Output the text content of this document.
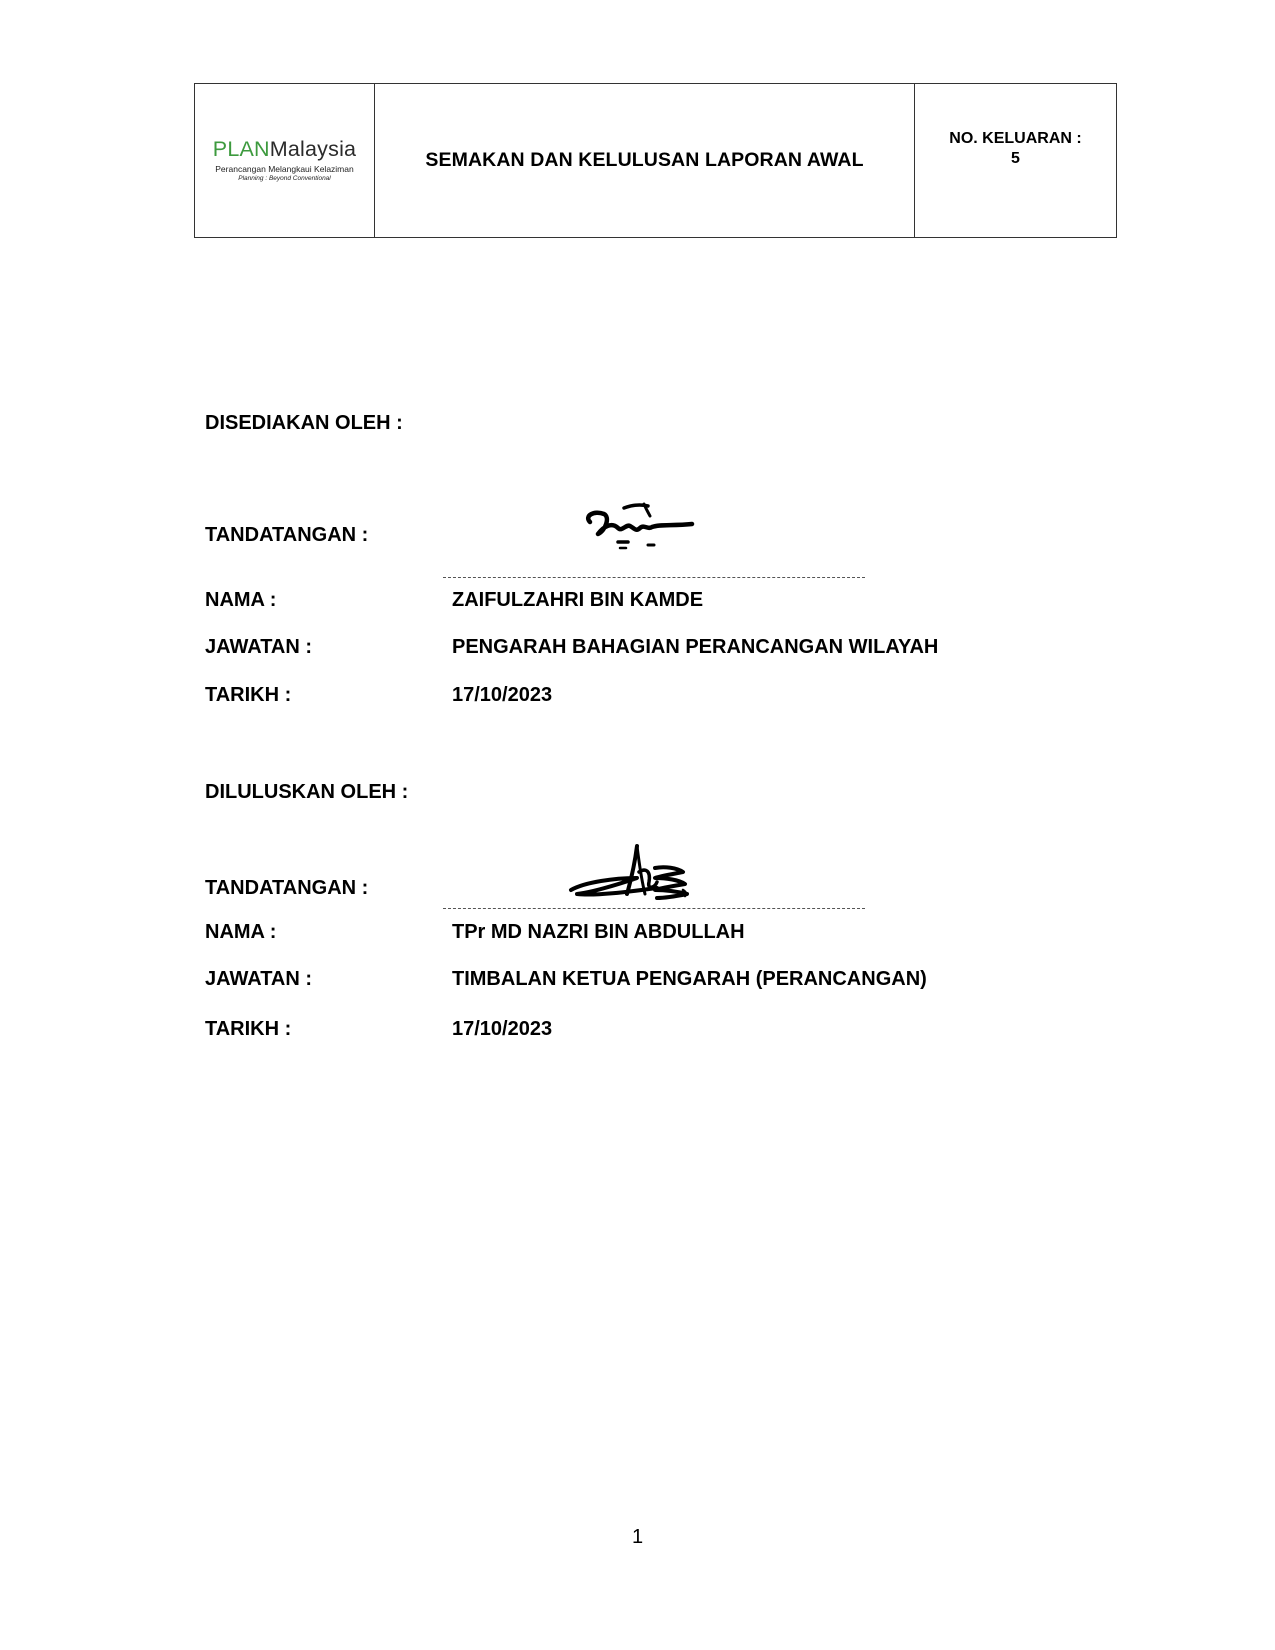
PLANMalaysia
Perancangan Melangkaui Kelaziman
Planning : Beyond Conventional
SEMAKAN DAN KELULUSAN LAPORAN AWAL
NO. KELUARAN :
5
DISEDIAKAN OLEH :
TANDATANGAN :
NAMA :	ZAIFULZAHRI BIN KAMDE
JAWATAN :	PENGARAH BAHAGIAN PERANCANGAN WILAYAH
TARIKH :	17/10/2023
DILULUSKAN OLEH :
TANDATANGAN :
NAMA :	TPr MD NAZRI BIN ABDULLAH
JAWATAN :	TIMBALAN KETUA PENGARAH (PERANCANGAN)
TARIKH :	17/10/2023
1
